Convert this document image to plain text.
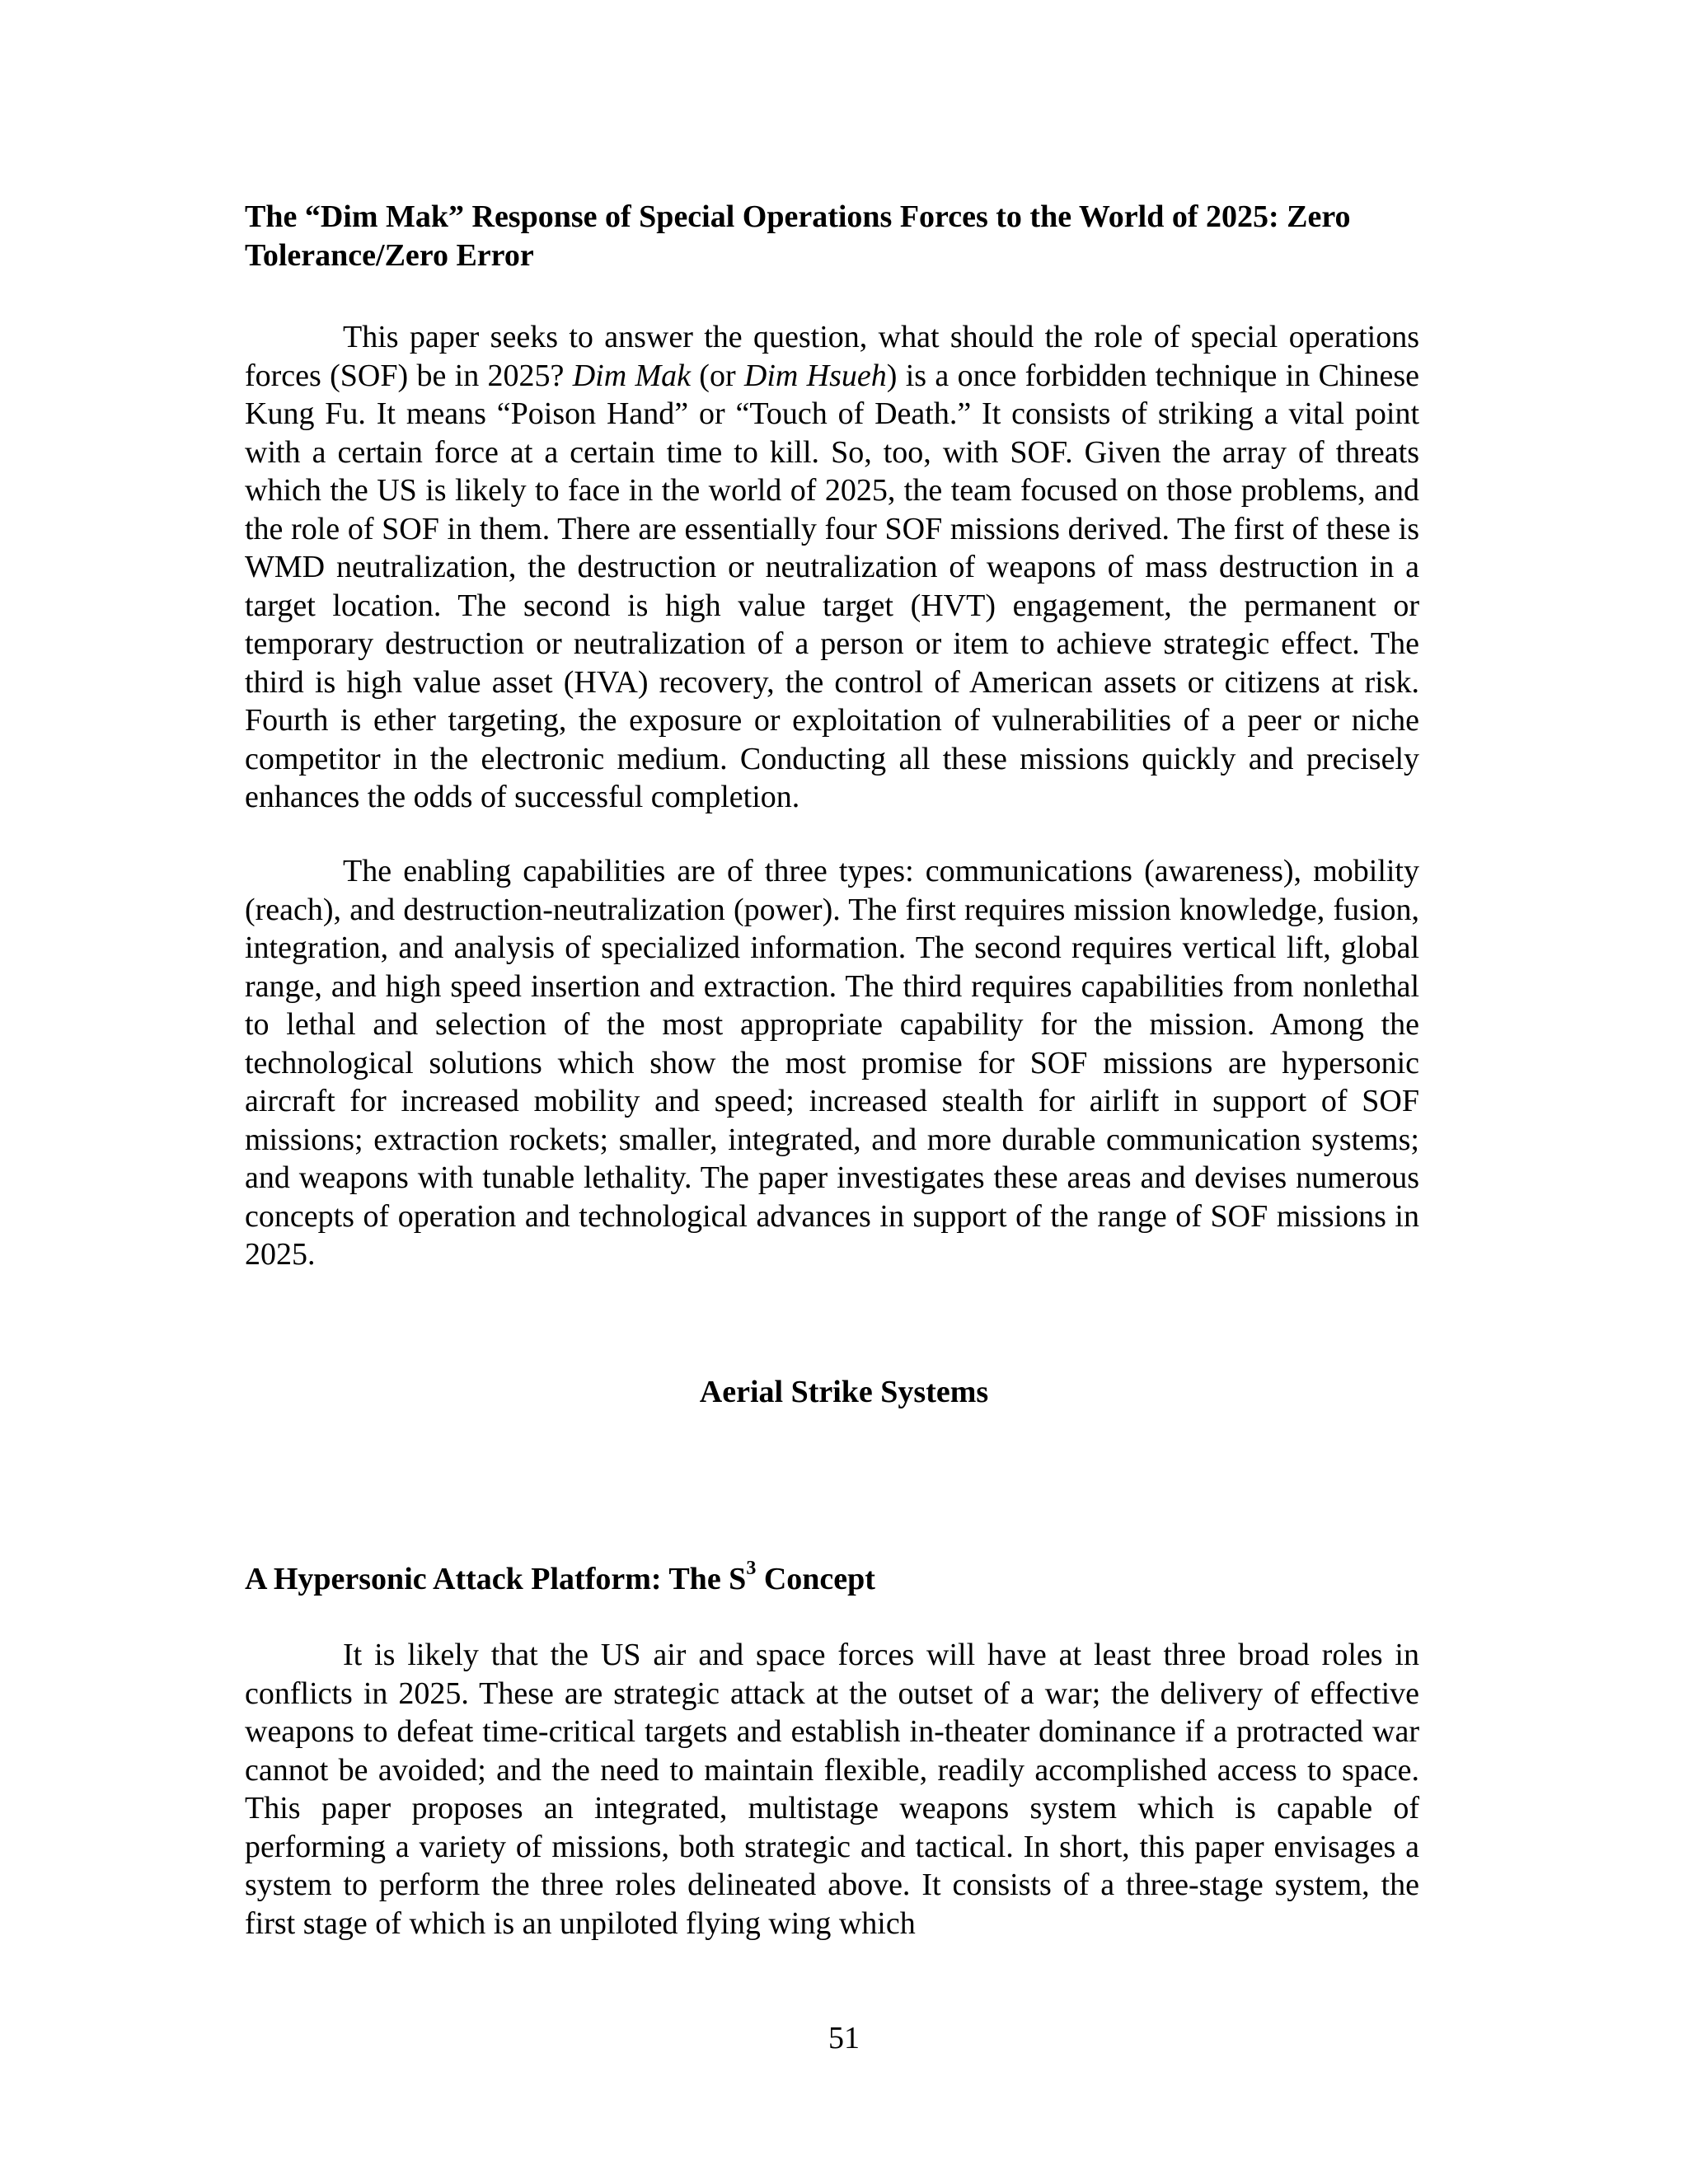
The “Dim Mak” Response of Special Operations Forces to the World of 2025: Zero Tolerance/Zero Error
This paper seeks to answer the question, what should the role of special operations forces (SOF) be in 2025? Dim Mak (or Dim Hsueh) is a once forbidden technique in Chinese Kung Fu. It means “Poison Hand” or “Touch of Death.” It consists of striking a vital point with a certain force at a certain time to kill. So, too, with SOF. Given the array of threats which the US is likely to face in the world of 2025, the team focused on those problems, and the role of SOF in them. There are essentially four SOF missions derived. The first of these is WMD neutralization, the destruction or neutralization of weapons of mass destruction in a target location. The second is high value target (HVT) engagement, the permanent or temporary destruction or neutralization of a person or item to achieve strategic effect. The third is high value asset (HVA) recovery, the control of American assets or citizens at risk. Fourth is ether targeting, the exposure or exploitation of vulnerabilities of a peer or niche competitor in the electronic medium. Conducting all these missions quickly and precisely enhances the odds of successful completion.
The enabling capabilities are of three types: communications (awareness), mobility (reach), and destruction-neutralization (power). The first requires mission knowledge, fusion, integration, and analysis of specialized information. The second requires vertical lift, global range, and high speed insertion and extraction. The third requires capabilities from nonlethal to lethal and selection of the most appropriate capability for the mission. Among the technological solutions which show the most promise for SOF missions are hypersonic aircraft for increased mobility and speed; increased stealth for airlift in support of SOF missions; extraction rockets; smaller, integrated, and more durable communication systems; and weapons with tunable lethality. The paper investigates these areas and devises numerous concepts of operation and technological advances in support of the range of SOF missions in 2025.
Aerial Strike Systems
A Hypersonic Attack Platform: The $S^3$ Concept
It is likely that the US air and space forces will have at least three broad roles in conflicts in 2025. These are strategic attack at the outset of a war; the delivery of effective weapons to defeat time-critical targets and establish in-theater dominance if a protracted war cannot be avoided; and the need to maintain flexible, readily accomplished access to space. This paper proposes an integrated, multistage weapons system which is capable of performing a variety of missions, both strategic and tactical. In short, this paper envisages a system to perform the three roles delineated above. It consists of a three-stage system, the first stage of which is an unpiloted flying wing which
51
